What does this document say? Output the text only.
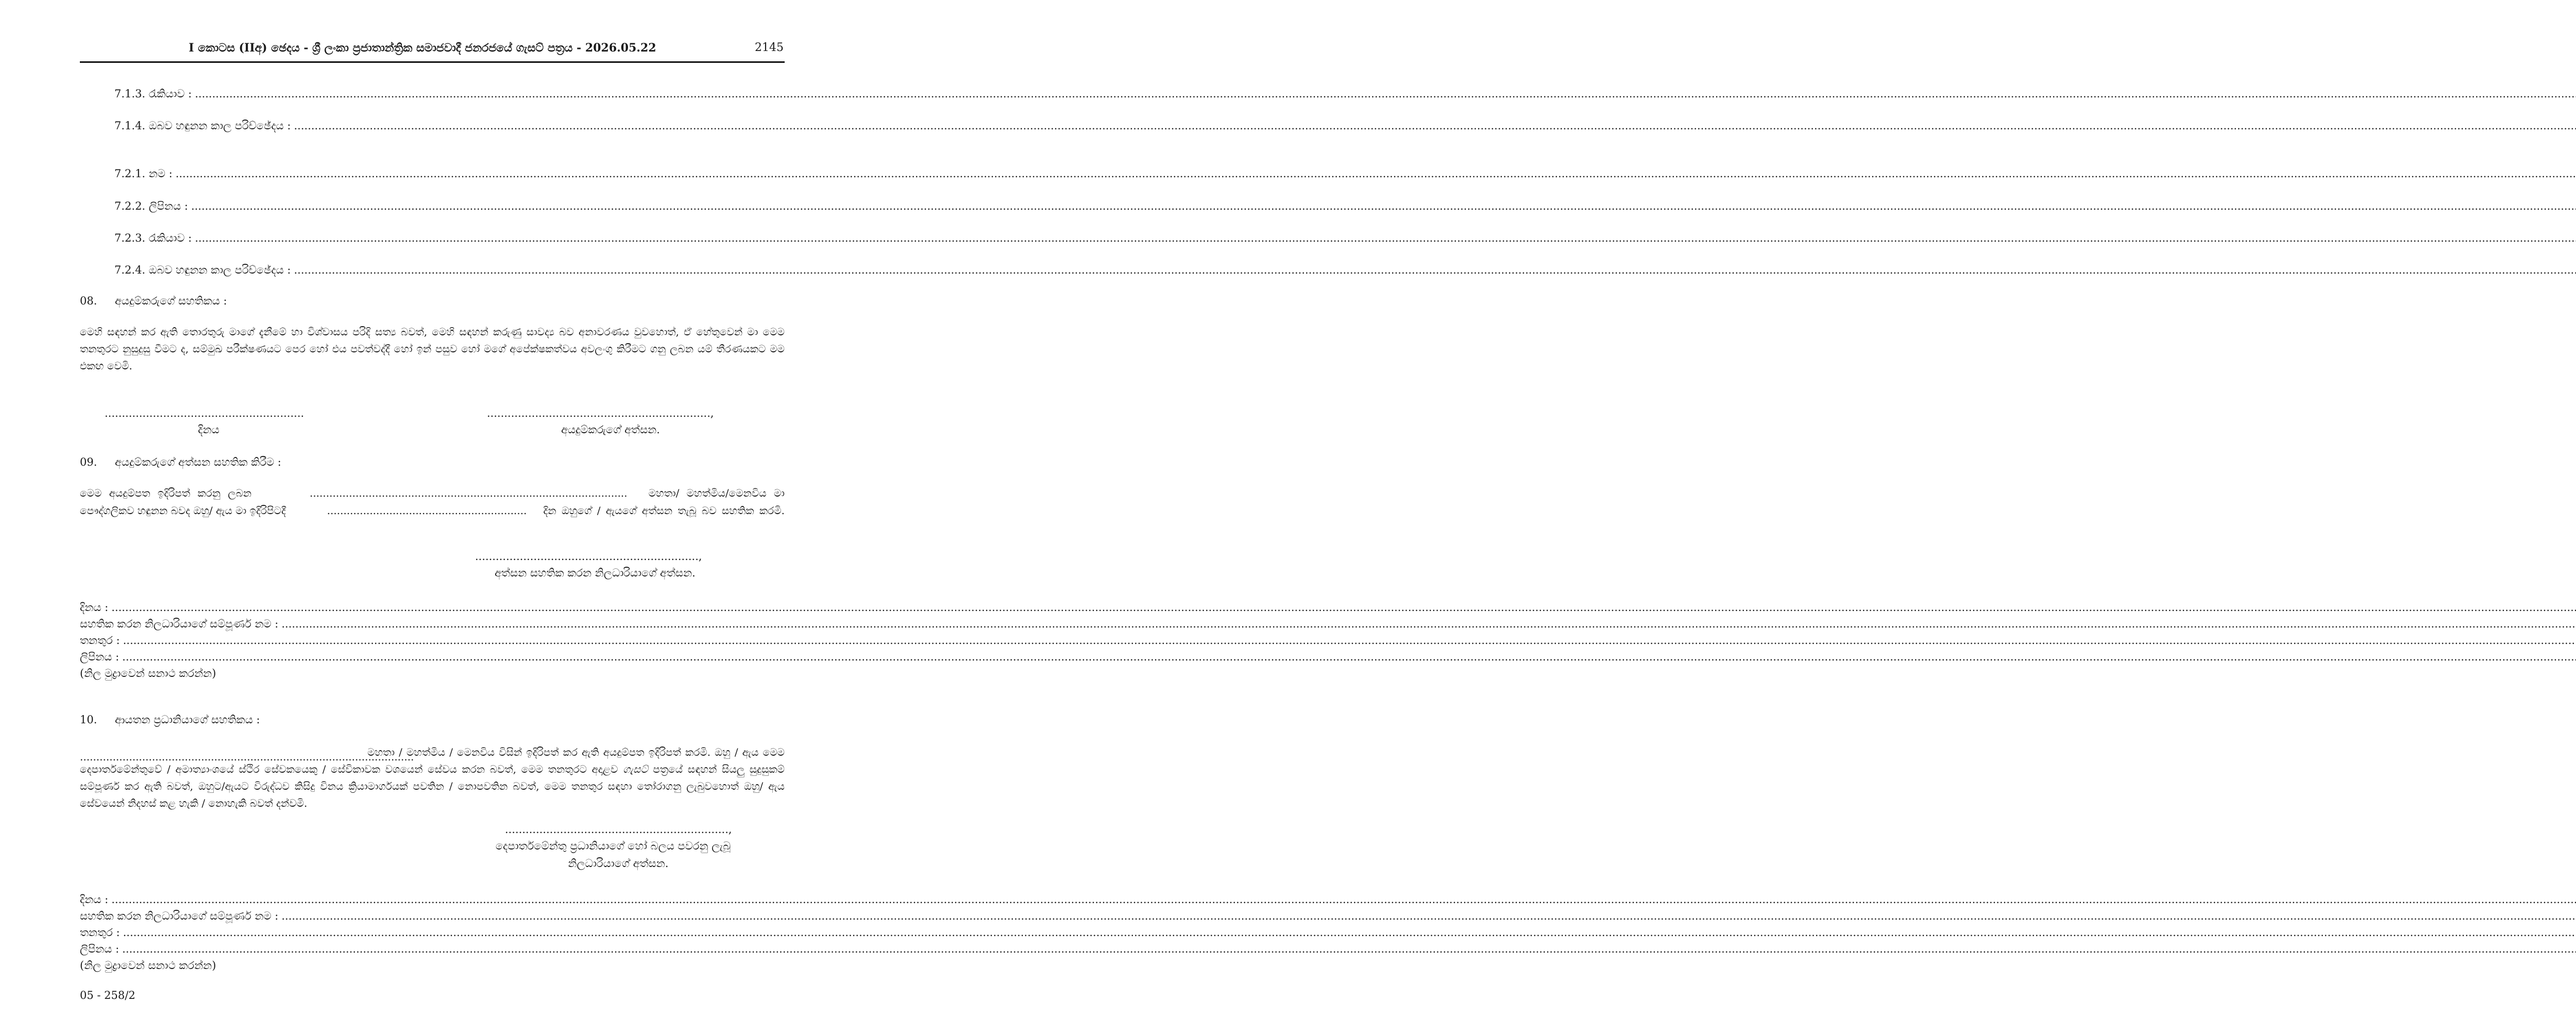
I කොටස (IIඅ) ඡෙදය - ශ්‍රී ලංකා ප්‍රජාතාන්ත්‍රික සමාජවාදී ජනරජයේ ගැසට් පත්‍රය - 2026.05.22	2145
7.1.3. රැකියාව :
.....
7.1.4. ඔබව හඳුනන කාල පරිච්ඡේදය :
.....
7.2.1. නම :
.....
7.2.2. ලිපිනය :
.....
7.2.3. රැකියාව :
.....
7.2.4. ඔබව හඳුනන කාල පරිච්ඡේදය :
.....
08. අයදුම්කරුගේ සහතිකය :
මෙහි සඳහන් කර ඇති තොරතුරු මාගේ දැනීමේ හා විශ්වාසය පරිදි සත්‍ය බවත්, මෙහි සඳහන් කරුණු සාවද්‍ය බව අනාවරණය වුවහොත්, ඒ හේතුවෙන් මා මෙම තනතුරට නුසුදුසු වීමට ද, සම්මුඛ පරීක්ෂණයට පෙර හෝ එය පවත්වද්දී හෝ ඉන් පසුව හෝ මගේ අපේක්ෂකත්වය අවලංගු කිරීමට ගනු ලබන යම් තීරණයකට මම එකඟ වෙමි.
..........................................................
දිනය
.................................................................,
අයදුම්කරුගේ අත්සන.
09. අයදුම්කරුගේ අත්සන සහතික කිරීම :
මෙම අයදුම්පත ඉදිරිපත් කරනු ලබන	................................................................................................. මහතා/ මහත්මිය/මෙනවිය මා
පෞද්ගලිකව හඳුනන බවද ඔහු/ ඇය මා ඉදිරිපිටදී	............................................................. දින ඔහුගේ / ඇයගේ අත්සන තැබූ බව සහතික කරමි.
.................................................................,
අත්සන සහතික කරන නිලධාරියාගේ අත්සන.
දිනය :
.....
සහතික කරන නිලධාරියාගේ සම්පූර්ණ නම :
.....
තනතුර :
.....
ලිපිනය :
.....
(නිල මුද්‍රාවෙන් සනාථ කරන්න)
10. ආයතන ප්‍රධානියාගේ සහතිකය :
...................................................................................................... මහතා / මහත්මිය / මෙනවිය විසින් ඉදිරිපත් කර ඇති අයදුම්පත ඉදිරිපත් කරමි. ඔහු / ඇය මෙම දෙපාර්තමේන්තුවේ / අමාත්‍යාංශයේ ස්ථිර සේවකයෙකු / සේවිකාවක වශයෙන් සේවය කරන බවත්, මෙම තනතුරට අදාළව ගැසට් පත්‍රයේ සඳහන් සියලු සුදුසුකම් සම්පූර්ණ කර ඇති බවත්, ඔහුට/ඇයට විරුද්ධව කිසිදු විනය ක්‍රියාමාර්ගයක් පවතින / නොපවතින බවත්, මෙම තනතුර සඳහා තෝරාගනු ලැබුවහොත් ඔහු/ ඇය සේවයෙන් නිදහස් කළ හැකි / නොහැකි බවත් දන්වමි.
.................................................................,
දෙපාර්තමේන්තු ප්‍රධානියාගේ හෝ බලය පවරනු ලැබූ
නිලධාරියාගේ අත්සන.
දිනය :
.....
සහතික කරන නිලධාරියාගේ සම්පූර්ණ නම :
.....
තනතුර :
.....
ලිපිනය :
.....
(නිල මුද්‍රාවෙන් සනාථ කරන්න)
05 - 258/2
